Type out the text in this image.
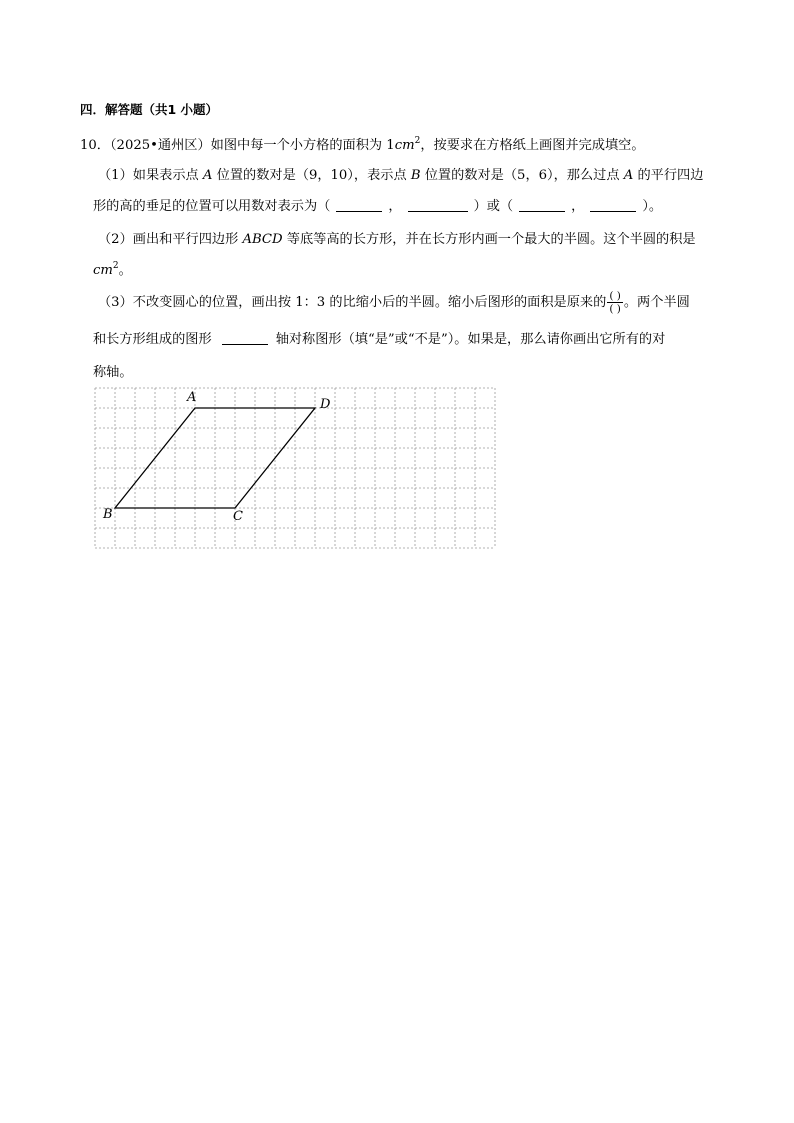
四．解答题（共1 小题）
10．（2025•通州区）如图中每一个小方格的面积为 $1cm^2$，按要求在方格纸上画图并完成填空。
（1）如果表示点 A 位置的数对是（9，10），表示点 B 位置的数对是（5，6），那么过点 A 的平行四边
形的高的垂足的位置可以用数对表示为（	，	）或（	，	）。
（2）画出和平行四边形 ABCD 等底等高的长方形，并在长方形内画一个最大的半圆。这个半圆的积是
$cm^2$。
（3）不改变圆心的位置，画出按 1：3 的比缩小后的半圆。缩小后图形的面积是原来的 $\frac{( )}{( )}$ 。两个半圆
和长方形组成的图形	轴对称图形（填“是”或“不是”）。如果是，那么请你画出它所有的对
称轴。
A
B	C
D
